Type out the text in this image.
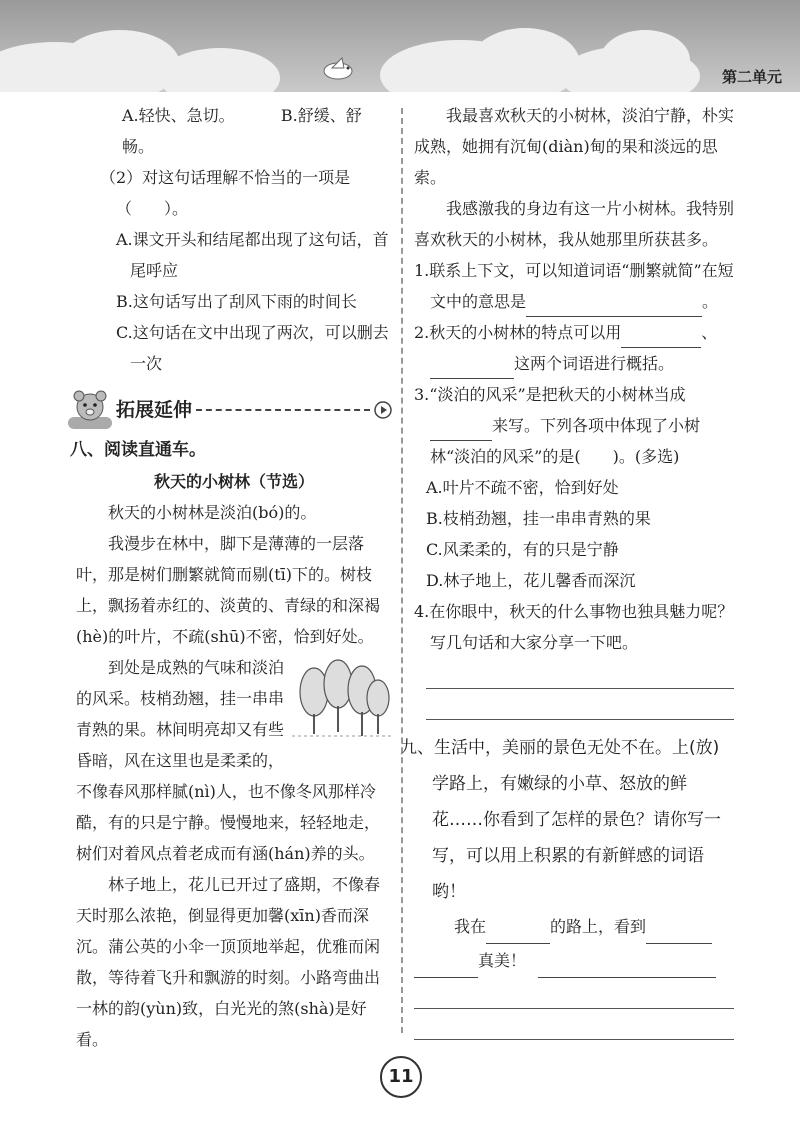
第二单元

A.轻快、急切。	B.舒缓、舒畅。

（2）对这句话理解不恰当的一项是

（　　）。

A.课文开头和结尾都出现了这句话，首尾呼应

B.这句话写出了刮风下雨的时间长

C.这句话在文中出现了两次，可以删去一次

拓展延伸

八、阅读直通车。

秋天的小树林（节选）

秋天的小树林是淡泊(bó)的。

我漫步在林中，脚下是薄薄的一层落叶，那是树们删繁就简而剔(tī)下的。树枝上，飘扬着赤红的、淡黄的、青绿的和深褐(hè)的叶片，不疏(shū)不密，恰到好处。

到处是成熟的气味和淡泊的风采。枝梢劲翘，挂一串串青熟的果。林间明亮却又有些昏暗，风在这里也是柔柔的，不像春风那样腻(nì)人，也不像冬风那样冷酷，有的只是宁静。慢慢地来，轻轻地走，树们对着风点着老成而有涵(hán)养的头。

林子地上，花儿已开过了盛期，不像春天时那么浓艳，倒显得更加馨(xīn)香而深沉。蒲公英的小伞一顶顶地举起，优雅而闲散，等待着飞升和飘游的时刻。小路弯曲出一林的韵(yùn)致，白光光的煞(shà)是好看。

我最喜欢秋天的小树林，淡泊宁静，朴实成熟，她拥有沉甸(diàn)甸的果和淡远的思索。

我感激我的身边有这一片小树林。我特别喜欢秋天的小树林，我从她那里所获甚多。

1.联系上下文，可以知道词语“删繁就简”在短文中的意思是	。

2.秋天的小树林的特点可以用	、
这两个词语进行概括。

3.“淡泊的风采”是把秋天的小树林当成
来写。下列各项中体现了小树林“淡泊的风采”的是(　　)。(多选)

A.叶片不疏不密，恰到好处

B.枝梢劲翘，挂一串串青熟的果

C.风柔柔的，有的只是宁静

D.林子地上，花儿馨香而深沉

4.在你眼中，秋天的什么事物也独具魅力呢？写几句话和大家分享一下吧。

九、生活中，美丽的景色无处不在。上(放)学路上，有嫩绿的小草、怒放的鲜花……你看到了怎样的景色？请你写一写，可以用上积累的有新鲜感的词语哟！

我在	的路上，看到

真美！

11
